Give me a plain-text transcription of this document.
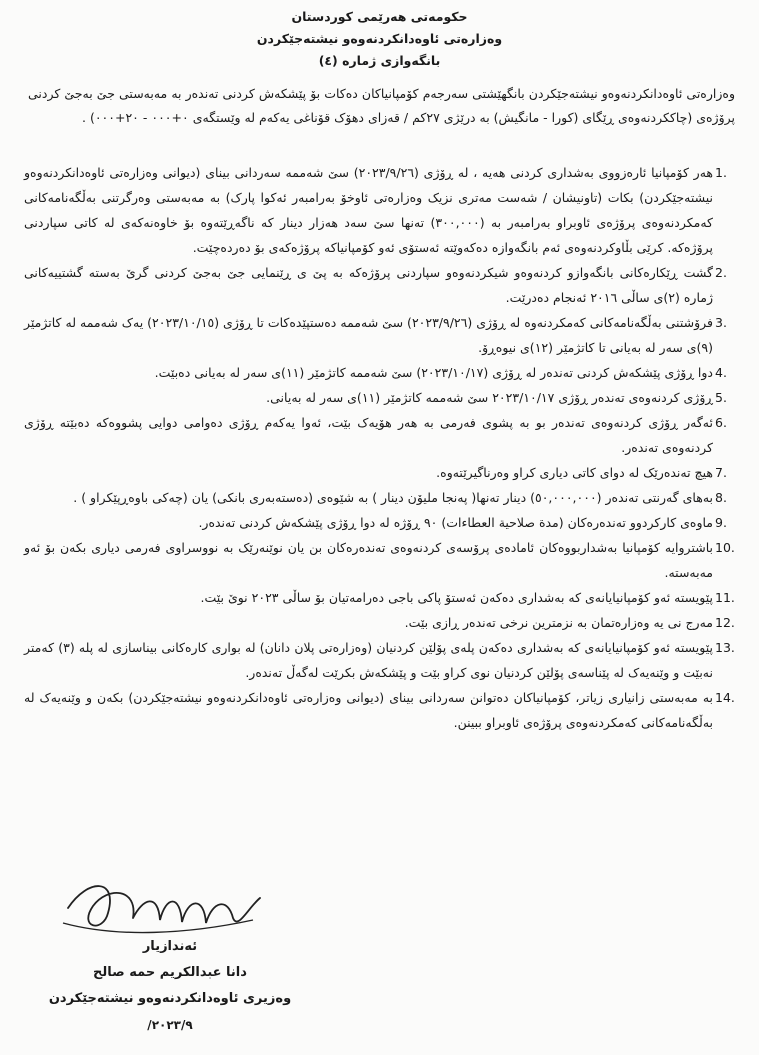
حکومەتی هەرێمی کوردستان
وەزارەتی ئاوەدانکردنەوەو نیشتەجێکردن
بانگەوازی ژمارە (٤)
وەزارەتی ئاوەدانکردنەوەو نیشتەجێکردن بانگهێشتی سەرجەم کۆمپانیاکان دەکات بۆ پێشکەش کردنی تەندەر بە مەبەستی جێ بەجێ کردنی پرۆژەی (چاککردنەوەی ڕێگای (کورا - مانگیش) بە درێژی ٢٧کم / قەزای دهۆک قۆناغی یەکەم لە وێستگەی ٠+٠٠٠ - ٢٠+٠٠٠) .
1.
هەر کۆمپانیا ئارەزووی بەشداری کردنی هەیە ، لە ڕۆژی (٢٠٢٣/٩/٢٦) سێ شەممە سەردانی بینای (دیوانی وەزارەتی ئاوەدانکردنەوەو نیشتەجێکردن) بکات (تاونیشان / شەست مەتری نزیک وەزارەتی ئاوخۆ بەرامبەر ئەکوا پارک) بە مەبەستی وەرگرتنی بەڵگەنامەکانی کەمکردنەوەی پرۆژەی ئاوبراو بەرامبەر بە (٣٠٠,٠٠٠) تەنها سێ سەد هەزار دینار کە ناگەڕێتەوە بۆ خاوەنەکەی لە کاتی سپاردنی پرۆژەکە. کرێی بڵاوکردنەوەی ئەم بانگەوازە دەکەوێتە ئەستۆی ئەو کۆمپانیاکە پرۆژەکەی بۆ دەردەچێت.
2.
گشت ڕێکارەکانی بانگەوازو کردنەوەو شیکردنەوەو سپاردنی پرۆژەکە بە پێ ی ڕێنمایی جێ بەجێ کردنی گرێ بەستە گشتییەکانی ژمارە (٢)ی ساڵی ٢٠١٦ ئەنجام دەدرێت.
3.
فرۆشتنی بەڵگەنامەکانی کەمکردنەوە لە ڕۆژی (٢٠٢٣/٩/٢٦) سێ شەممە دەستپێدەکات تا ڕۆژی (٢٠٢٣/١٠/١٥) یەک شەممە لە کاتژمێر (٩)ی سەر لە بەیانی تا کاتژمێر (١٢)ی نیوەڕۆ.
4.
دوا ڕۆژی پێشکەش کردنی تەندەر لە ڕۆژی (٢٠٢٣/١٠/١٧) سێ شەممە کاتژمێر (١١)ی سەر لە بەیانی دەبێت.
5.
ڕۆژی کردنەوەی تەندەر ڕۆژی ٢٠٢٣/١٠/١٧ سێ شەممە کاتژمێر (١١)ی سەر لە بەیانی.
6.
ئەگەر ڕۆژی کردنەوەی تەندەر بو بە پشوی فەرمی بە هەر هۆیەک بێت، ئەوا یەکەم ڕۆژی دەوامی دوایی پشووەکە دەبێتە ڕۆژی کردنەوەی تەندەر.
7.
هیچ تەندەرێک لە دوای کاتی دیاری کراو وەرناگیرێتەوە.
8.
بەهای گەرنتی تەندەر (٥٠,٠٠٠,٠٠٠) دینار تەنها( پەنجا ملیۆن دینار ) بە شێوەی (دەستەبەری بانکی) یان (چەکی باوەڕپێکراو ) .
9.
ماوەی کارکردوو تەندەرەکان (مدة صلاحیة العطاءات) ٩٠ ڕۆژە لە دوا ڕۆژی پێشکەش کردنی تەندەر.
10.
باشتروایە کۆمپانیا بەشداربووەکان ئامادەی پرۆسەی کردنەوەی تەندەرەکان بن یان نوێنەرێک بە نووسراوی فەرمی دیاری بکەن بۆ ئەو مەبەستە.
11.
پێویستە ئەو کۆمپانیایانەی کە بەشداری دەکەن ئەستۆ پاکی باجی دەرامەتیان بۆ ساڵی ٢٠٢٣ نوێ بێت.
12.
مەرج نی یە وەزارەتمان بە نزمترین نرخی تەندەر ڕازی بێت.
13.
پێویستە ئەو کۆمپانیایانەی کە بەشداری دەکەن پلەی پۆلێن کردنیان (وەزارەتی پلان دانان) لە بواری کارەکانی بیناسازی لە پلە (٣) کەمتر نەبێت و وێنەیەک لە پێناسەی پۆلێن کردنیان نوی کراو بێت و پێشکەش بکرێت لەگەڵ تەندەر.
14.
بە مەبەستی زانیاری زیاتر، کۆمپانیاکان دەتوانن سەردانی بینای (دیوانی وەزارەتی ئاوەدانکردنەوەو نیشتەجێکردن) بکەن و وێنەیەک لە بەڵگەنامەکانی کەمکردنەوەی پرۆژەی ئاوبراو ببینن.
ئەندازیار
دانا عبدالکریم حمە صالح
وەزیری ئاوەدانکردنەوەو نیشتەجێکردن
٢٠٢٣/٩/
